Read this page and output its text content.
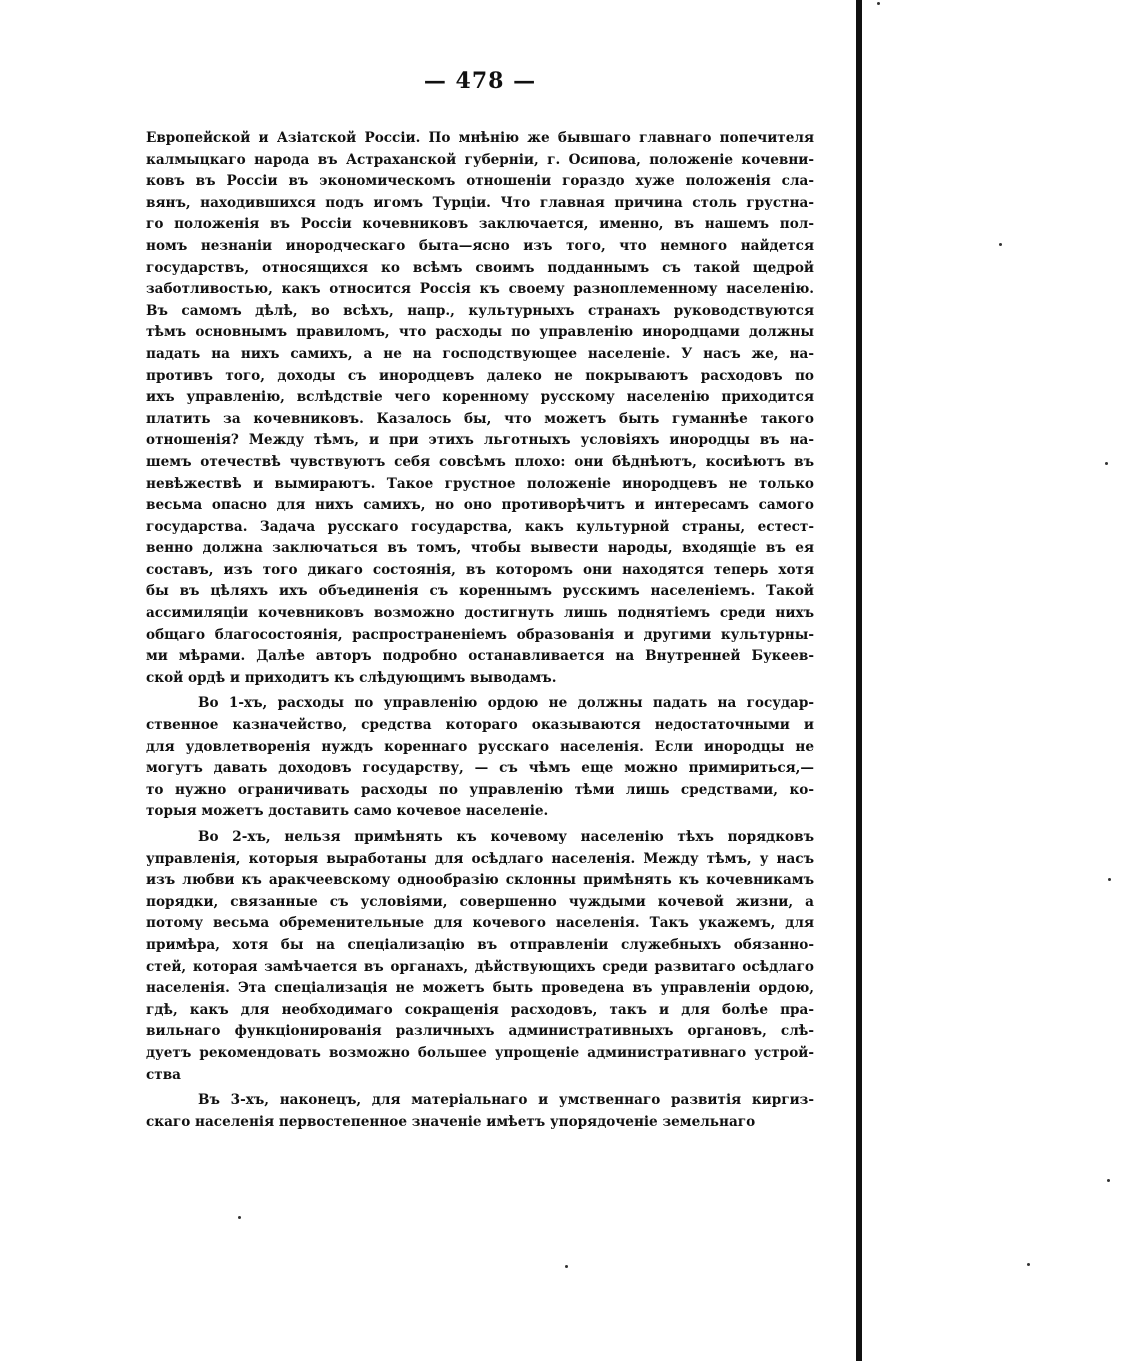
— 478 —
Европейской и Азіатской Россіи. По мнѣнію же бывшаго главнаго попечителя
калмыцкаго народа въ Астраханской губерніи, г. Осипова, положеніе кочевни-
ковъ въ Россіи въ экономическомъ отношеніи гораздо хуже положенія сла-
вянъ, находившихся подъ игомъ Турціи. Что главная причина столь грустна-
го положенія въ Россіи кочевниковъ заключается, именно, въ нашемъ пол-
номъ незнаніи инородческаго быта—ясно изъ того, что немного найдется
государствъ, относящихся ко всѣмъ своимъ подданнымъ съ такой щедрой
заботливостью, какъ относится Россія къ своему разноплеменному населенію.
Въ самомъ дѣлѣ, во всѣхъ, напр., культурныхъ странахъ руководствуются
тѣмъ основнымъ правиломъ, что расходы по управленію инородцами должны
падать на нихъ самихъ, а не на господствующее населеніе. У насъ же, на-
противъ того, доходы съ инородцевъ далеко не покрываютъ расходовъ по
ихъ управленію, вслѣдствіе чего коренному русскому населенію приходится
платить за кочевниковъ. Казалось бы, что можетъ быть гуманнѣе такого
отношенія? Между тѣмъ, и при этихъ льготныхъ условіяхъ инородцы въ на-
шемъ отечествѣ чувствуютъ себя совсѣмъ плохо: они бѣднѣютъ, косиѣютъ въ
невѣжествѣ и вымираютъ. Такое грустное положеніе инородцевъ не только
весьма опасно для нихъ самихъ, но оно противорѣчитъ и интересамъ самого
государства. Задача русскаго государства, какъ культурной страны, естест-
венно должна заключаться въ томъ, чтобы вывести народы, входящіе въ ея
составъ, изъ того дикаго состоянія, въ которомъ они находятся теперь хотя
бы въ цѣляхъ ихъ объединенія съ кореннымъ русскимъ населеніемъ. Такой
ассимиляціи кочевниковъ возможно достигнуть лишь поднятіемъ среди нихъ
общаго благосостоянія, распространеніемъ образованія и другими культурны-
ми мѣрами. Далѣе авторъ подробно останавливается на Внутренней Букеев-
ской ордѣ и приходитъ къ слѣдующимъ выводамъ.
Во 1-хъ, расходы по управленію ордою не должны падать на государ-
ственное казначейство, средства котораго оказываются недостаточными и
для удовлетворенія нуждъ кореннаго русскаго населенія. Если инородцы не
могутъ давать доходовъ государству, — съ чѣмъ еще можно примириться,—
то нужно ограничивать расходы по управленію тѣми лишь средствами, ко-
торыя можетъ доставить само кочевое населеніе.
Во 2-хъ, нельзя примѣнять къ кочевому населенію тѣхъ порядковъ
управленія, которыя выработаны для осѣдлаго населенія. Между тѣмъ, у насъ
изъ любви къ аракчеевскому однообразію склонны примѣнять къ кочевникамъ
порядки, связанные съ условіями, совершенно чуждыми кочевой жизни, а
потому весьма обременительные для кочевого населенія. Такъ укажемъ, для
примѣра, хотя бы на спеціализацію въ отправленіи служебныхъ обязанно-
стей, которая замѣчается въ органахъ, дѣйствующихъ среди развитаго осѣдлаго
населенія. Эта спеціализація не можетъ быть проведена въ управленіи ордою,
гдѣ, какъ для необходимаго сокращенія расходовъ, такъ и для болѣе пра-
вильнаго функціонированія различныхъ административныхъ органовъ, слѣ-
дуетъ рекомендовать возможно большее упрощеніе административнаго устрой-
ства
Въ 3-хъ, наконецъ, для матеріальнаго и умственнаго развитія киргиз-
скаго населенія первостепенное значеніе имѣетъ упорядоченіе земельнаго
